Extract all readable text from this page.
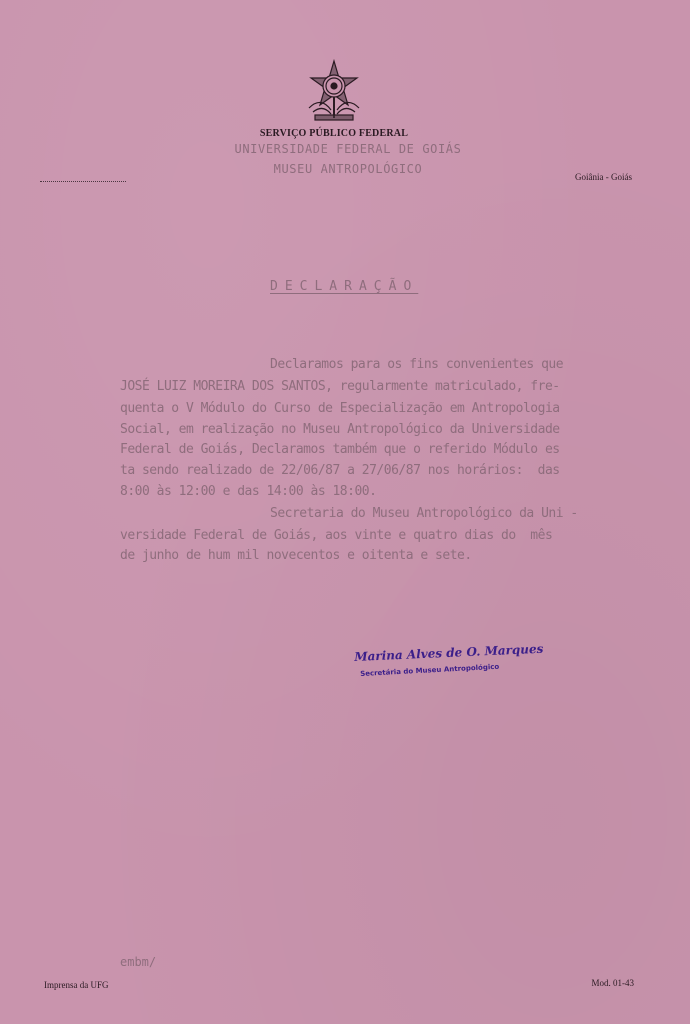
SERVIÇO PÚBLICO FEDERAL
UNIVERSIDADE FEDERAL DE GOIÁS
MUSEU ANTROPOLÓGICO
Goiânia - Goiás
DECLARAÇÃO
Declaramos para os fins convenientes que
JOSÉ LUIZ MOREIRA DOS SANTOS, regularmente matriculado, fre-
quenta o V Módulo do Curso de Especialização em Antropologia
Social, em realização no Museu Antropológico da Universidade
Federal de Goiás, Declaramos também que o referido Módulo es
ta sendo realizado de 22/06/87 a 27/06/87 nos horários:  das
8:00 às 12:00 e das 14:00 às 18:00.
Secretaria do Museu Antropológico da Uni -
versidade Federal de Goiás, aos vinte e quatro dias do  mês
de junho de hum mil novecentos e oitenta e sete.
Marina Alves de O. Marques
Secretária do Museu Antropológico
embm/
Imprensa da UFG	Mod. 01-43
